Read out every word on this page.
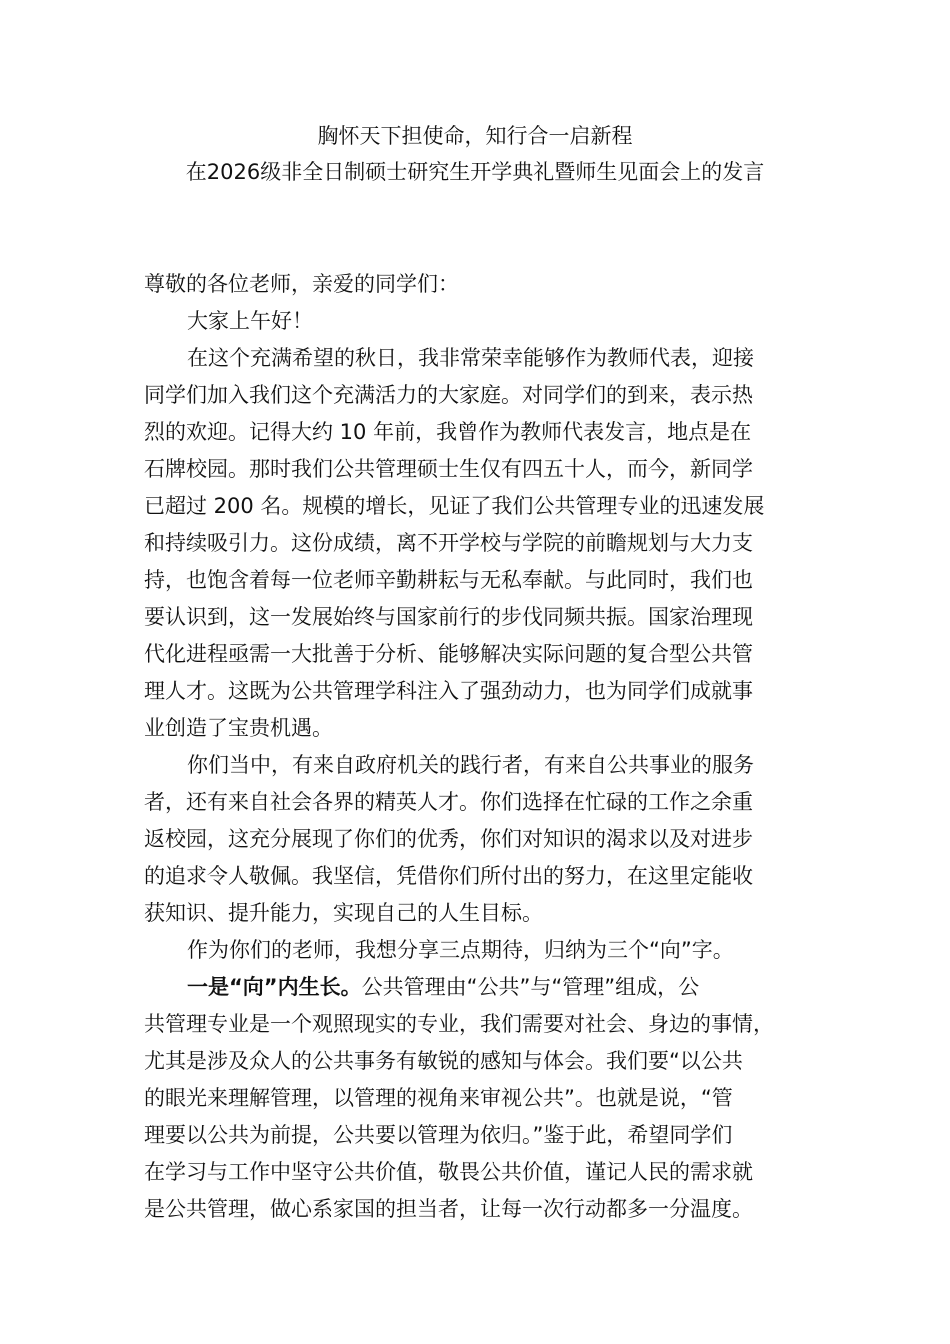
胸怀天下担使命，知行合一启新程
在2026级非全日制硕士研究生开学典礼暨师生见面会上的发言

尊敬的各位老师，亲爱的同学们：

大家上午好！

在这个充满希望的秋日，我非常荣幸能够作为教师代表，迎接

同学们加入我们这个充满活力的大家庭。对同学们的到来，表示热

烈的欢迎。记得大约 10 年前，我曾作为教师代表发言，地点是在

石牌校园。那时我们公共管理硕士生仅有四五十人，而今，新同学

已超过 200 名。规模的增长，见证了我们公共管理专业的迅速发展

和持续吸引力。这份成绩，离不开学校与学院的前瞻规划与大力支

持，也饱含着每一位老师辛勤耕耘与无私奉献。与此同时，我们也

要认识到，这一发展始终与国家前行的步伐同频共振。国家治理现

代化进程亟需一大批善于分析、能够解决实际问题的复合型公共管

理人才。这既为公共管理学科注入了强劲动力，也为同学们成就事

业创造了宝贵机遇。

你们当中，有来自政府机关的践行者，有来自公共事业的服务

者，还有来自社会各界的精英人才。你们选择在忙碌的工作之余重

返校园，这充分展现了你们的优秀，你们对知识的渴求以及对进步

的追求令人敬佩。我坚信，凭借你们所付出的努力，在这里定能收

获知识、提升能力，实现自己的人生目标。

作为你们的老师，我想分享三点期待，归纳为三个“向”字。

一是“向”内生长。公共管理由“公共”与“管理”组成，公

共管理专业是一个观照现实的专业，我们需要对社会、身边的事情，

尤其是涉及众人的公共事务有敏锐的感知与体会。我们要“以公共

的眼光来理解管理，以管理的视角来审视公共”。也就是说，“管

理要以公共为前提，公共要以管理为依归。”鉴于此，希望同学们

在学习与工作中坚守公共价值，敬畏公共价值，谨记人民的需求就

是公共管理，做心系家国的担当者，让每一次行动都多一分温度。
